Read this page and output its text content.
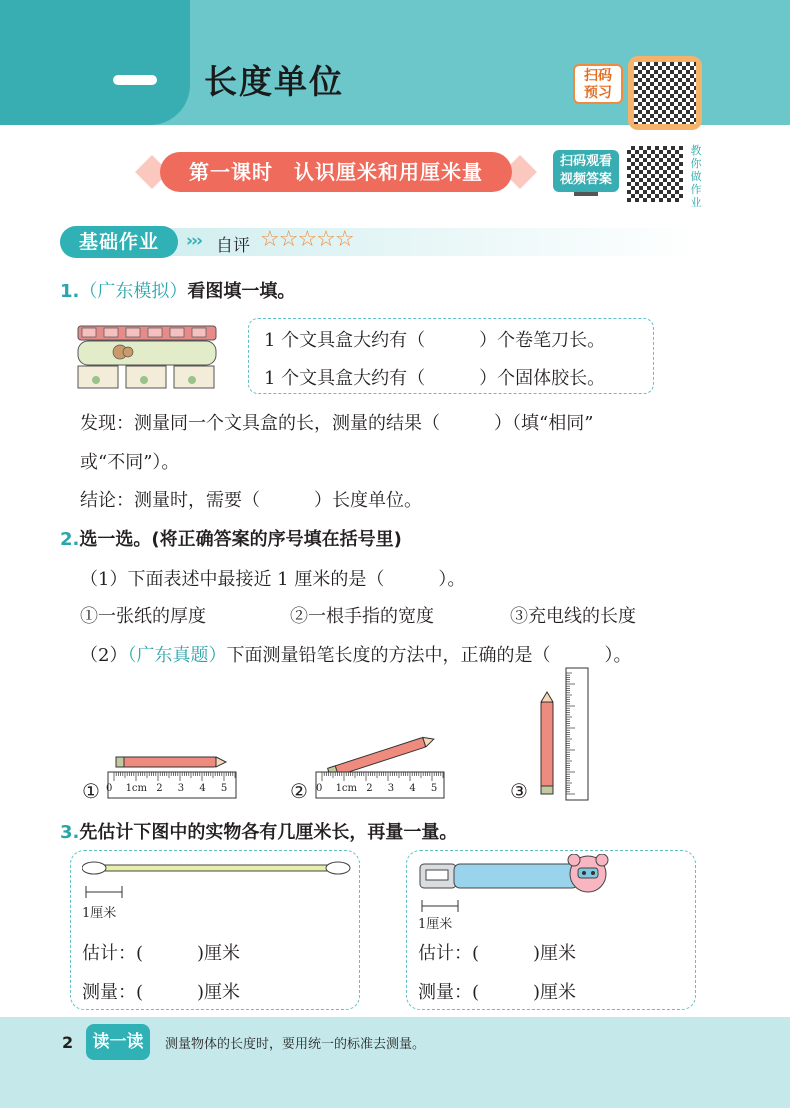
长度单位	扫码
预习
第一课时　认识厘米和用厘米量	扫码观看
视频答案
教
你
做
作
业
基础作业	››› 自评 ☆☆☆☆☆
1.（广东模拟）看图填一填。
1 个文具盒大约有（　　　）个卷笔刀长。
1 个文具盒大约有（　　　）个固体胶长。
发现：测量同一个文具盒的长，测量的结果（　　　）（填“相同”
或“不同”）。
结论：测量时，需要（　　　）长度单位。
2.选一选。(将正确答案的序号填在括号里)
（1）下面表述中最接近 1 厘米的是（　　　）。
①一张纸的厚度	②一根手指的宽度	③充电线的长度
（2）（广东真题）下面测量铅笔长度的方法中，正确的是（　　　）。
① 0 1cm 2 3 4 5	② 0 1cm 2 3 4 5	③
3.先估计下图中的实物各有几厘米长，再量一量。
1厘米
估计：(　　　)厘米
测量：(　　　)厘米
1厘米
估计：(　　　)厘米
测量：(　　　)厘米
2	读一读	测量物体的长度时，要用统一的标准去测量。
